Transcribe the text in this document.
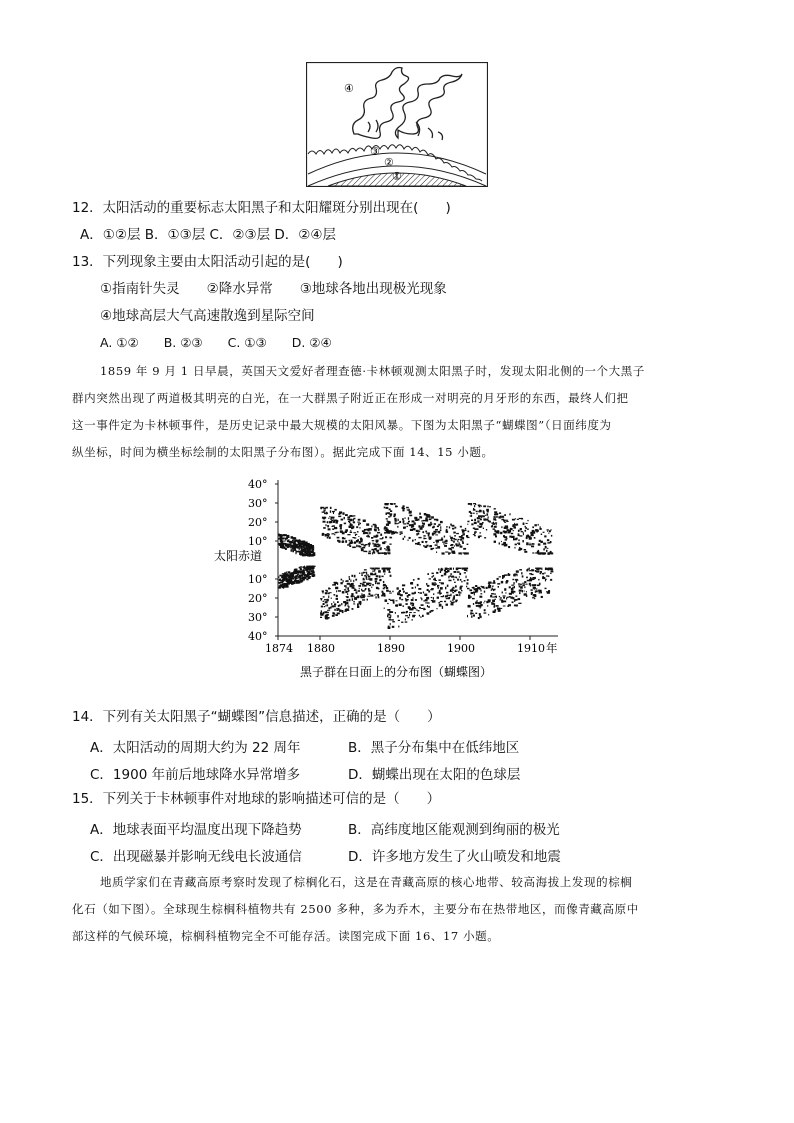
④
③
②
①
12．太阳活动的重要标志太阳黑子和太阳耀斑分别出现在(　　)
A．①②层 B．①③层 C．②③层 D．②④层
13．下列现象主要由太阳活动引起的是(　　)
①指南针失灵　　②降水异常　　③地球各地出现极光现象
④地球高层大气高速散逸到星际空间
A. ①②　　B. ②③　　C. ①③　　D. ②④
1859 年 9 月 1 日早晨，英国天文爱好者理查德·卡林顿观测太阳黑子时，发现太阳北侧的一个大黑子
群内突然出现了两道极其明亮的白光，在一大群黑子附近正在形成一对明亮的月牙形的东西，最终人们把
这一事件定为卡林顿事件，是历史记录中最大规模的太阳风暴。下图为太阳黑子“蝴蝶图”（日面纬度为
纵坐标，时间为横坐标绘制的太阳黑子分布图）。据此完成下面 14、15 小题。
40°
30°
20°
10°
10°
20°
30°
40°
1874 1880	1890	1900	1910
太阳赤道
年
黑子群在日面上的分布图（蝴蝶图）
14．下列有关太阳黑子“蝴蝶图”信息描述，正确的是（　　）
A．太阳活动的周期大约为 22 周年	B．黑子分布集中在低纬地区
C．1900 年前后地球降水异常增多	D．蝴蝶出现在太阳的色球层
15．下列关于卡林顿事件对地球的影响描述可信的是（　　）
A．地球表面平均温度出现下降趋势	B．高纬度地区能观测到绚丽的极光
C．出现磁暴并影响无线电长波通信	D．许多地方发生了火山喷发和地震
地质学家们在青藏高原考察时发现了棕榈化石，这是在青藏高原的核心地带、较高海拔上发现的棕榈
化石（如下图）。全球现生棕榈科植物共有 2500 多种，多为乔木，主要分布在热带地区，而像青藏高原中
部这样的气候环境，棕榈科植物完全不可能存活。读图完成下面 16、17 小题。
